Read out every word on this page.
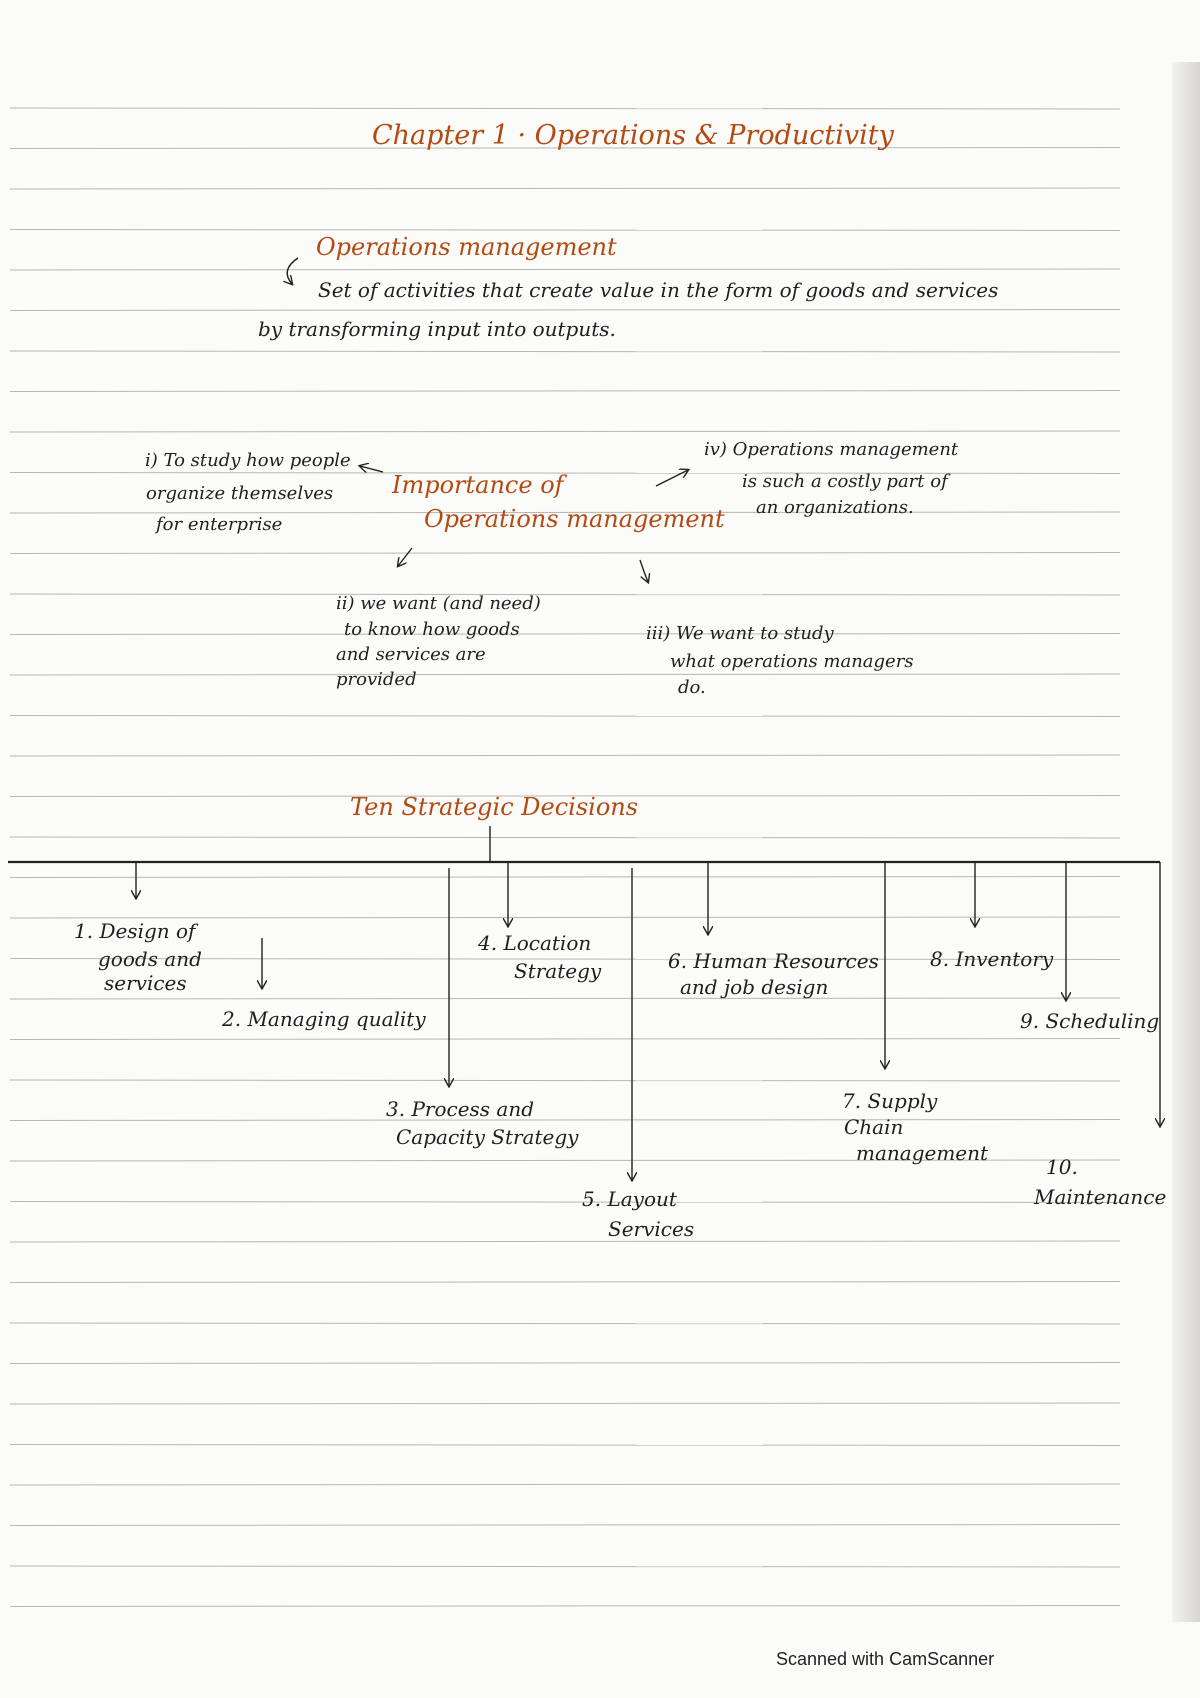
Chapter 1 · Operations & Productivity
Operations management
Set of activities that create value in the form of goods and services
by transforming input into outputs.
Importance of
Operations management
i) To study how people
organize themselves
for enterprise
ii) we want (and need)
to know how goods
and services are
provided
iii) We want to study
what operations managers
do.
iv) Operations management
is such a costly part of
an organizations.
Ten Strategic Decisions
1. Design of
goods and
services
2. Managing quality
3. Process and
Capacity Strategy
4. Location
Strategy
5. Layout
Services
6. Human Resources
and job design
7. Supply
Chain
management
8. Inventory
9. Scheduling
10.
Maintenance
Scanned with CamScanner
